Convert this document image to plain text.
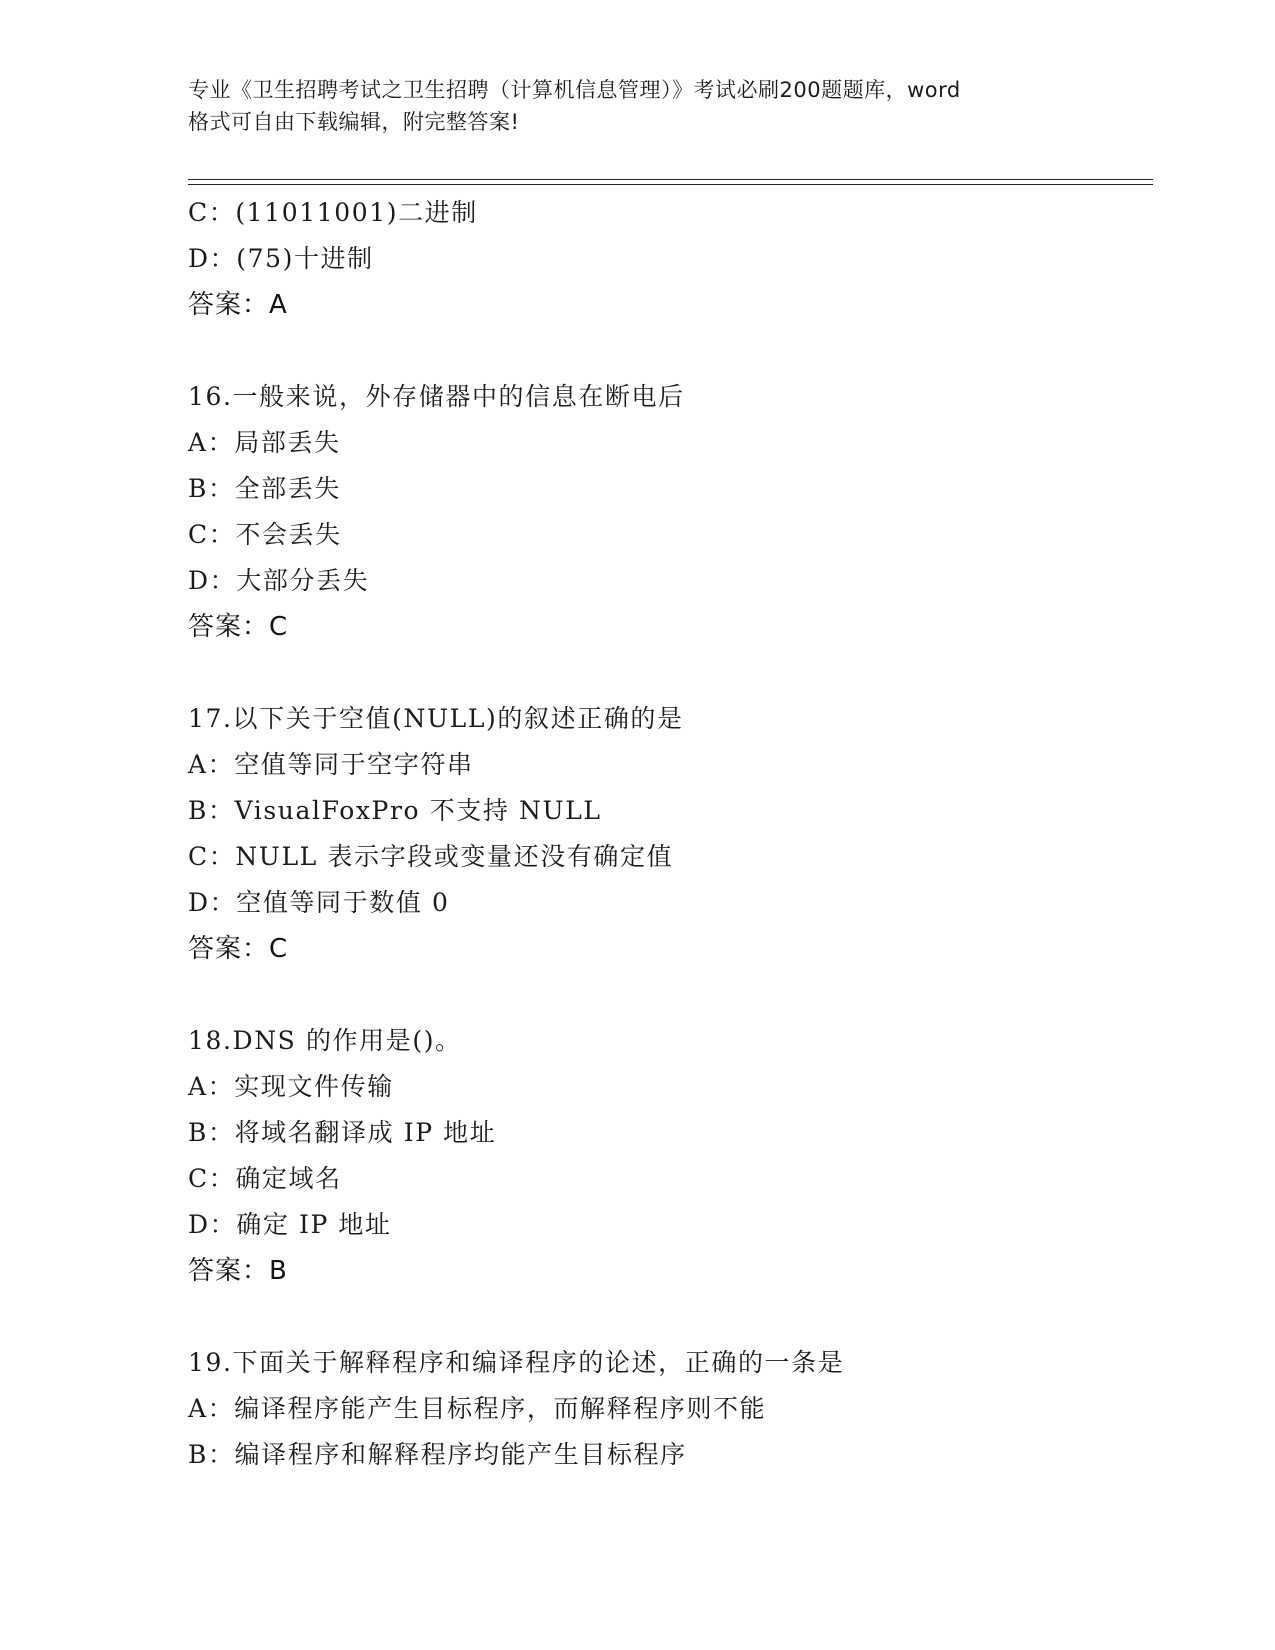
专业《卫生招聘考试之卫生招聘（计算机信息管理）》考试必刷200题题库，word
格式可自由下载编辑，附完整答案!
C：(11011001)二进制
D：(75)十进制
答案：A
16.一般来说，外存储器中的信息在断电后
A：局部丢失
B：全部丢失
C：不会丢失
D：大部分丢失
答案：C
17.以下关于空值(NULL)的叙述正确的是
A：空值等同于空字符串
B：VisualFoxPro 不支持 NULL
C：NULL 表示字段或变量还没有确定值
D：空值等同于数值 0
答案：C
18.DNS 的作用是()。
A：实现文件传输
B：将域名翻译成 IP 地址
C：确定域名
D：确定 IP 地址
答案：B
19.下面关于解释程序和编译程序的论述，正确的一条是
A：编译程序能产生目标程序，而解释程序则不能
B：编译程序和解释程序均能产生目标程序
